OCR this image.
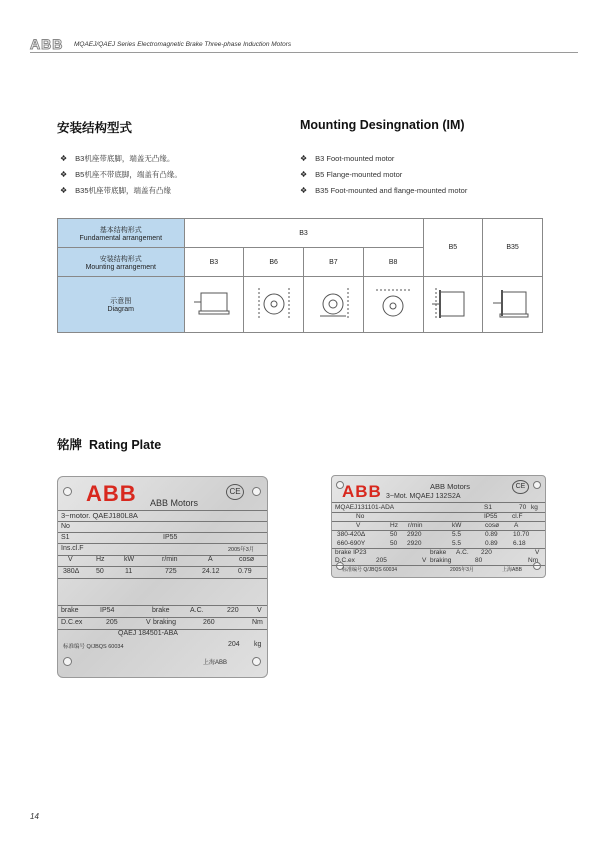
ABB MQAEJ/QAEJ Series Electromagnetic Brake Three-phase Induction Motors
安装结构型式	Mounting Desingnation (IM)
❖ B3机座带底脚，端盖无凸缘。
❖ B5机座不带底脚，端盖有凸缘。
❖ B35机座带底脚，端盖有凸缘
❖ B3 Foot-mounted motor
❖ B5 Flange-mounted motor
❖ B35 Foot-mounted and flange-mounted motor
基本结构形式
Fundamental arrangement	B3				B5	B35

安装结构形式
Mounting arrangement	B3	B6	B7	B8		

示意图
Diagram

铭牌 Rating Plate
ABB ABB Motors
CE
3~motor. QAEJ180L8A
No
S1	IP55
Ins.cl.F	2005年3月
V	Hz	kW	r/min	A	cosø
380Δ 50	11	725	24.12	0.79
brake	IP54	brake	A.C.	220	V
D.C.ex	205	V braking	260	Nm
QAEJ 184501-ABA
标准编号 Q/JBQS 60034	204 kg
上海ABB
ABB	ABB Motors	CE
3~Mot. MQAEJ 132S2A
MQAEJ131101-ADA	S1	70 kg
No	IP55 cl.F
V	Hz r/min	kW	cosø A
380-420Δ	50 2920	5.5	0.89 10.70
660-690Y	50 2920	5.5	0.89 6.18
brake IP23	brake A.C. 220	V
D.C.ex	205	V braking	80	Nm
标准编号 Q/JBQS 60034	2005年3月	上海ABB
14
